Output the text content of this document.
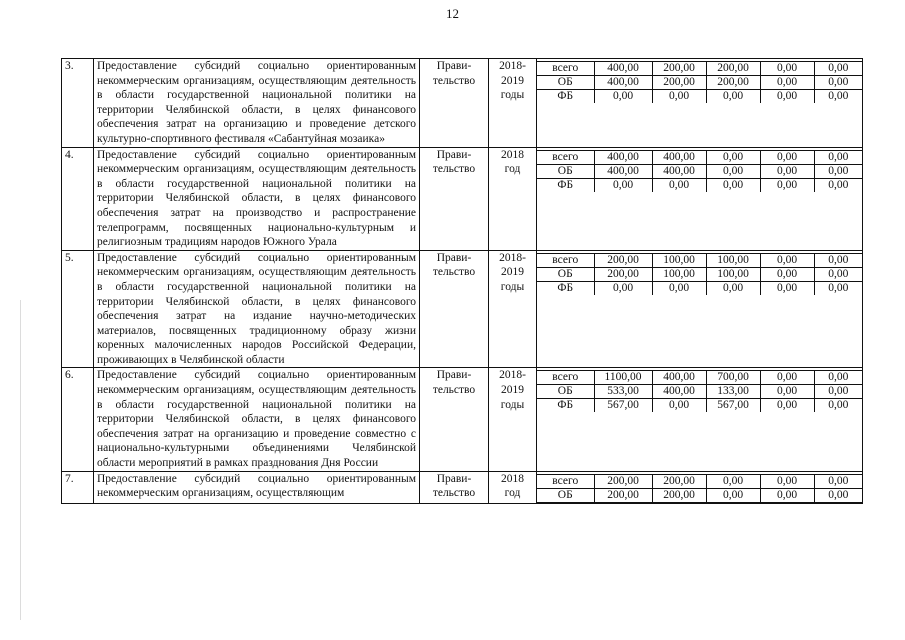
12
3.	Предоставление субсидий социально ориентированным некоммерческим организациям, осуществляющим деятельность в области государственной национальной политики на территории Челябинской области, в целях финансового обеспечения затрат на организацию и проведение детского культурно-спортивного фестиваля «Сабантуйная мозаика»	Прави-тельство	2018-2019 годы	
всего	400,00	200,00	200,00	0,00	0,00
ОБ	400,00	200,00	200,00	0,00	0,00
ФБ	0,00	0,00	0,00	0,00	0,00

4.	Предоставление субсидий социально ориентированным некоммерческим организациям, осуществляющим деятельность в области государственной национальной политики на территории Челябинской области, в целях финансового обеспечения затрат на производство и распространение телепрограмм, посвященных национально-культурным и религиозным традициям народов Южного Урала	Прави-тельство	2018 год	
всего	400,00	400,00	0,00	0,00	0,00
ОБ	400,00	400,00	0,00	0,00	0,00
ФБ	0,00	0,00	0,00	0,00	0,00

5.	Предоставление субсидий социально ориентированным некоммерческим организациям, осуществляющим деятельность в области государственной национальной политики на территории Челябинской области, в целях финансового обеспечения затрат на издание научно-методических материалов, посвященных традиционному образу жизни коренных малочисленных народов Российской Федерации, проживающих в Челябинской области	Прави-тельство	2018-2019 годы	
всего	200,00	100,00	100,00	0,00	0,00
ОБ	200,00	100,00	100,00	0,00	0,00
ФБ	0,00	0,00	0,00	0,00	0,00

6.	Предоставление субсидий социально ориентированным некоммерческим организациям, осуществляющим деятельность в области государственной национальной политики на территории Челябинской области, в целях финансового обеспечения затрат на организацию и проведение совместно с национально-культурными объединениями Челябинской области мероприятий в рамках празднования Дня России	Прави-тельство	2018-2019 годы	
всего	1100,00	400,00	700,00	0,00	0,00
ОБ	533,00	400,00	133,00	0,00	0,00
ФБ	567,00	0,00	567,00	0,00	0,00

7.	Предоставление субсидий социально ориентированным некоммерческим организациям, осуществляющим	Прави-тельство	2018 год	
всего	200,00	200,00	0,00	0,00	0,00
ОБ	200,00	200,00	0,00	0,00	0,00
